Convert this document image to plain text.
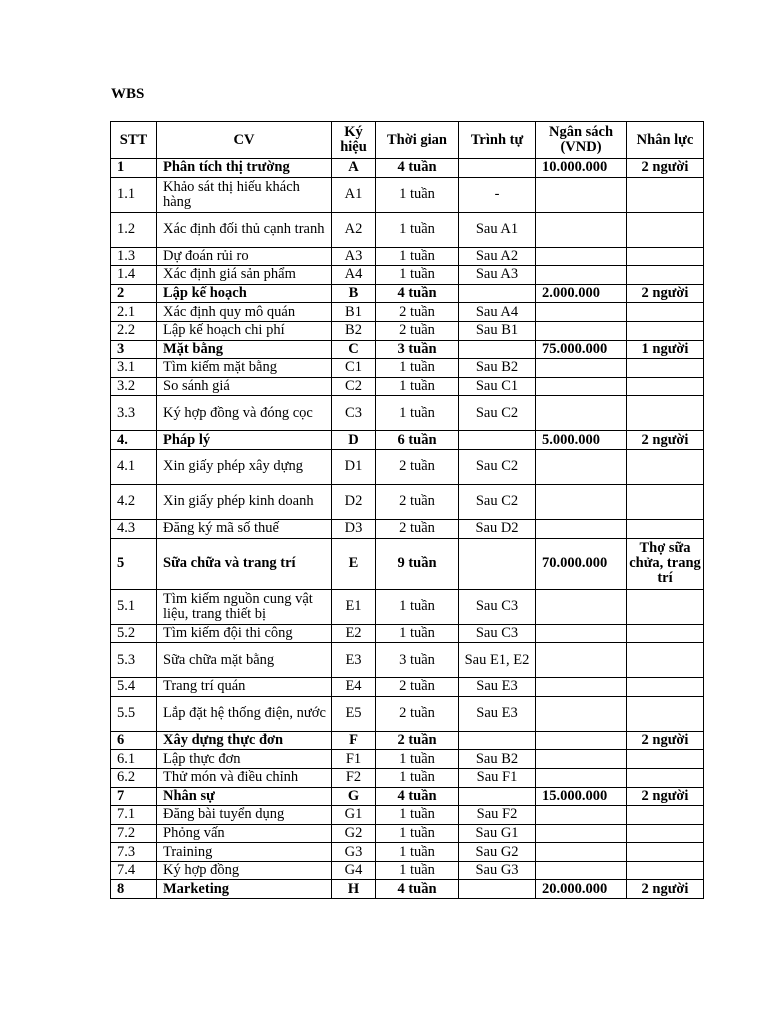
WBS
STT	CV	Ký hiệu	Thời gian	Trình tự	Ngân sách (VND)	Nhân lực
1	Phân tích thị trường	A	4 tuần		10.000.000	2 người
1.1	Khảo sát thị hiếu khách hàng	A1	1 tuần	-		
1.2	Xác định đối thủ cạnh tranh	A2	1 tuần	Sau A1		
1.3	Dự đoán rủi ro	A3	1 tuần	Sau A2		
1.4	Xác định giá sản phẩm	A4	1 tuần	Sau A3		
2	Lập kế hoạch	B	4 tuần		2.000.000	2 người
2.1	Xác định quy mô quán	B1	2 tuần	Sau A4		
2.2	Lập kế hoạch chi phí	B2	2 tuần	Sau B1		
3	Mặt bằng	C	3 tuần		75.000.000	1 người
3.1	Tìm kiếm mặt bằng	C1	1 tuần	Sau B2		
3.2	So sánh giá	C2	1 tuần	Sau C1		
3.3	Ký hợp đồng và đóng cọc	C3	1 tuần	Sau C2		
4.	Pháp lý	D	6 tuần		5.000.000	2 người
4.1	Xin giấy phép xây dựng	D1	2 tuần	Sau C2		
4.2	Xin giấy phép kinh doanh	D2	2 tuần	Sau C2		
4.3	Đăng ký mã số thuế	D3	2 tuần	Sau D2		
5	Sữa chữa và trang trí	E	9 tuần		70.000.000	Thợ sữa chửa, trang trí
5.1	Tìm kiếm nguồn cung vật liệu, trang thiết bị	E1	1 tuần	Sau C3		
5.2	Tìm kiếm đội thi công	E2	1 tuần	Sau C3		
5.3	Sữa chữa mặt bằng	E3	3 tuần	Sau E1, E2		
5.4	Trang trí quán	E4	2 tuần	Sau E3		
5.5	Lắp đặt hệ thống điện, nước	E5	2 tuần	Sau E3		
6	Xây dựng thực đơn	F	2 tuần			2 người
6.1	Lập thực đơn	F1	1 tuần	Sau B2		
6.2	Thử món và điều chỉnh	F2	1 tuần	Sau F1		
7	Nhân sự	G	4 tuần		15.000.000	2 người
7.1	Đăng bài tuyển dụng	G1	1 tuần	Sau F2		
7.2	Phỏng vấn	G2	1 tuần	Sau G1		
7.3	Training	G3	1 tuần	Sau G2		
7.4	Ký hợp đồng	G4	1 tuần	Sau G3		
8	Marketing	H	4 tuần		20.000.000	2 người
